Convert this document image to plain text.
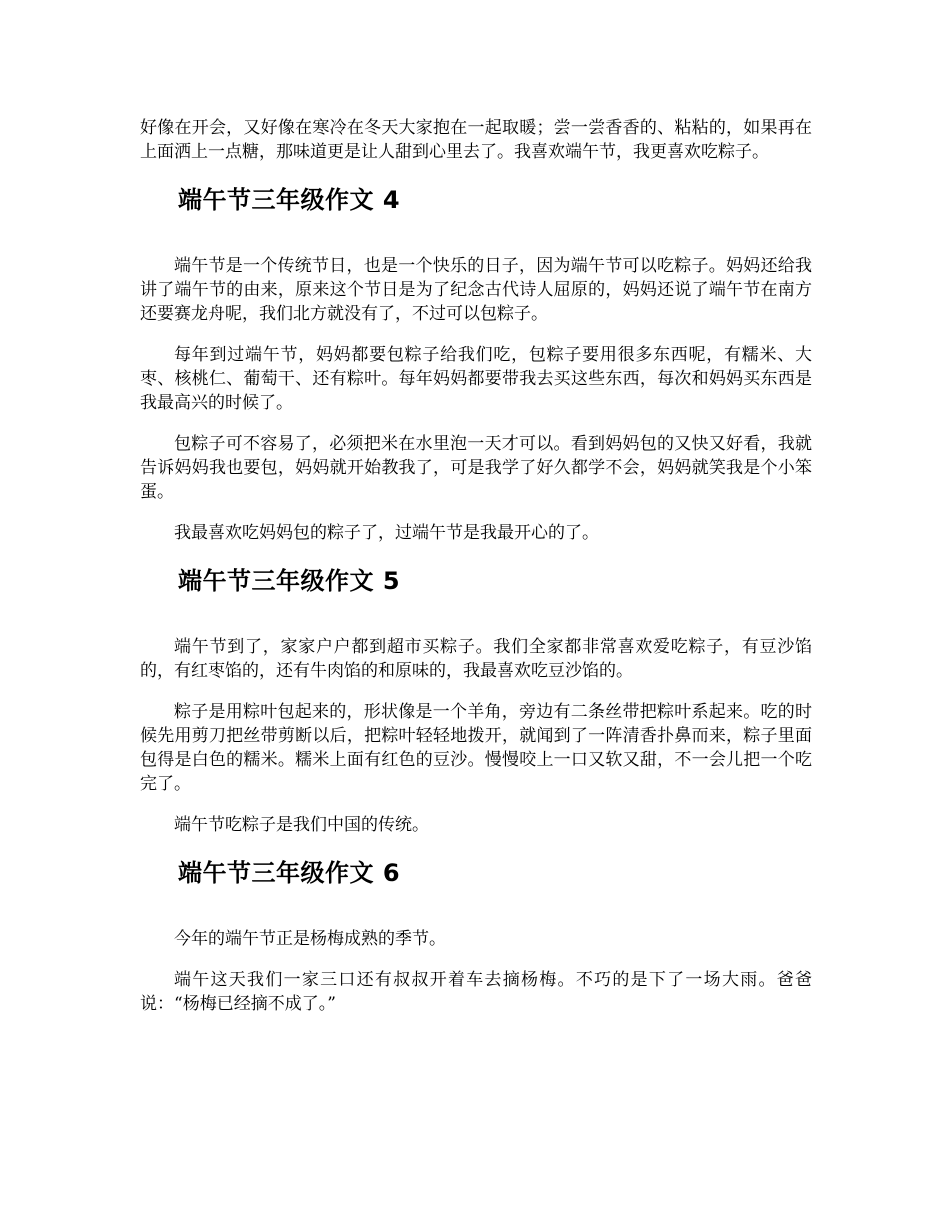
好像在开会，又好像在寒冷在冬天大家抱在一起取暖；尝一尝香香的、粘粘的，如果再在上面洒上一点糖，那味道更是让人甜到心里去了。我喜欢端午节，我更喜欢吃粽子。

端午节三年级作文 4

端午节是一个传统节日，也是一个快乐的日子，因为端午节可以吃粽子。妈妈还给我讲了端午节的由来，原来这个节日是为了纪念古代诗人屈原的，妈妈还说了端午节在南方还要赛龙舟呢，我们北方就没有了，不过可以包粽子。

每年到过端午节，妈妈都要包粽子给我们吃，包粽子要用很多东西呢，有糯米、大枣、核桃仁、葡萄干、还有粽叶。每年妈妈都要带我去买这些东西，每次和妈妈买东西是我最高兴的时候了。

包粽子可不容易了，必须把米在水里泡一天才可以。看到妈妈包的又快又好看，我就告诉妈妈我也要包，妈妈就开始教我了，可是我学了好久都学不会，妈妈就笑我是个小笨蛋。

我最喜欢吃妈妈包的粽子了，过端午节是我最开心的了。

端午节三年级作文 5

端午节到了，家家户户都到超市买粽子。我们全家都非常喜欢爱吃粽子，有豆沙馅的，有红枣馅的，还有牛肉馅的和原味的，我最喜欢吃豆沙馅的。

粽子是用粽叶包起来的，形状像是一个羊角，旁边有二条丝带把粽叶系起来。吃的时候先用剪刀把丝带剪断以后，把粽叶轻轻地拨开，就闻到了一阵清香扑鼻而来，粽子里面包得是白色的糯米。糯米上面有红色的豆沙。慢慢咬上一口又软又甜，不一会儿把一个吃完了。

端午节吃粽子是我们中国的传统。

端午节三年级作文 6

今年的端午节正是杨梅成熟的季节。

端午这天我们一家三口还有叔叔开着车去摘杨梅。不巧的是下了一场大雨。爸爸说：“杨梅已经摘不成了。”
